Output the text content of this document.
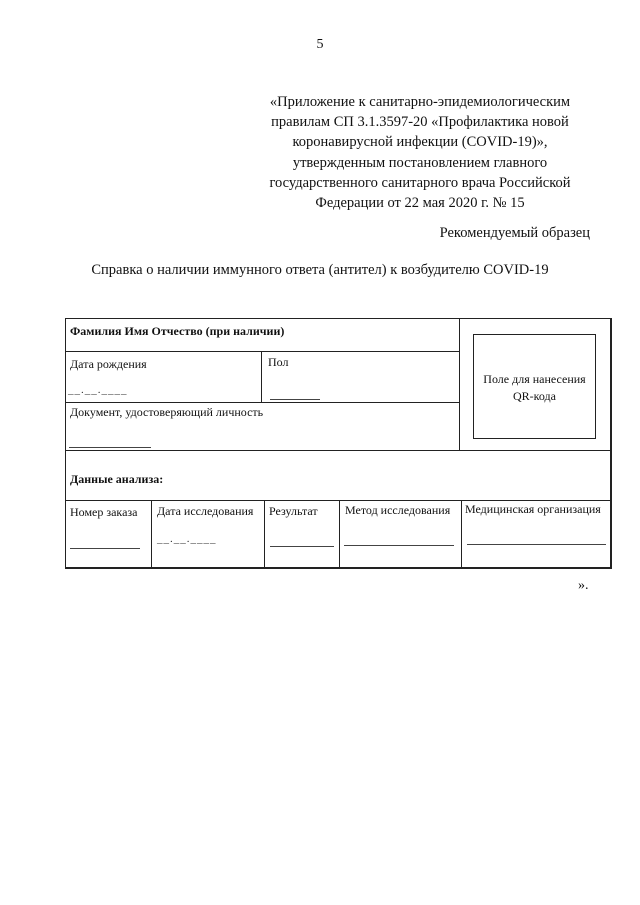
5
«Приложение к санитарно-эпидемиологическим
правилам СП 3.1.3597-20 «Профилактика новой
коронавирусной инфекции (COVID-19)»,
утвержденным постановлением главного
государственного санитарного врача Российской
Федерации от 22 мая 2020 г. № 15
Рекомендуемый образец
Справка о наличии иммунного ответа (антител) к возбудителю COVID-19
Фамилия Имя Отчество (при наличии)
Дата рождения
__.__.____
Пол
Документ, удостоверяющий личность
Данные анализа:
Номер заказа Дата исследования Результат Метод исследования Медицинская организация
__.__.____
Поле для нанесения QR-кода
».
